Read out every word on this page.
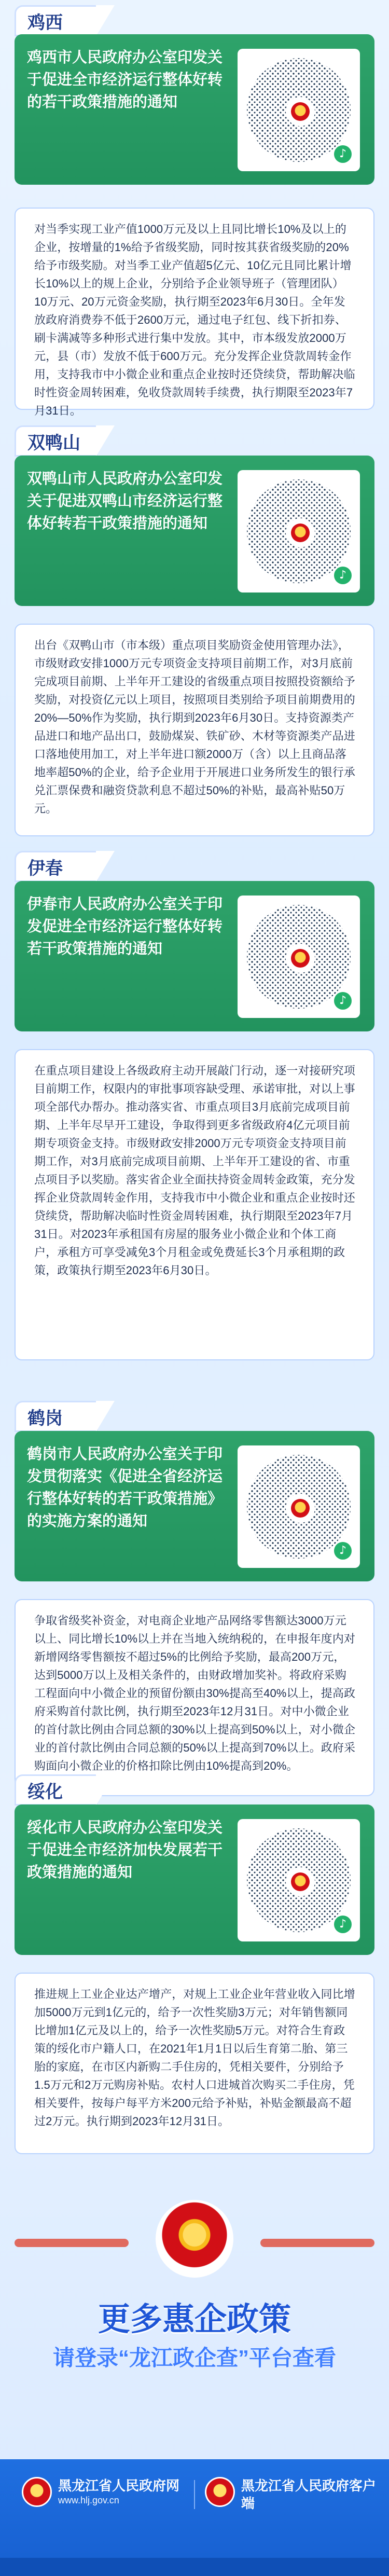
鸡西
鸡西市人民政府办公室印发关于促进全市经济运行整体好转的若干政策措施的通知
♪
对当季实现工业产值1000万元及以上且同比增长10%及以上的企业，按增量的1%给予省级奖励，同时按其获省级奖励的20%给予市级奖励。对当季工业产值超5亿元、10亿元且同比累计增长10%以上的规上企业，分别给予企业领导班子（管理团队）10万元、20万元资金奖励，执行期至2023年6月30日。全年发放政府消费券不低于2600万元，通过电子红包、线下折扣券、刷卡满减等多种形式进行集中发放。其中，市本级发放2000万元，县（市）发放不低于600万元。充分发挥企业贷款周转金作用，支持我市中小微企业和重点企业按时还贷续贷，帮助解决临时性资金周转困难，免收贷款周转手续费，执行期限至2023年7月31日。
双鸭山
双鸭山市人民政府办公室印发关于促进双鸭山市经济运行整体好转若干政策措施的通知
♪
出台《双鸭山市（市本级）重点项目奖励资金使用管理办法》，市级财政安排1000万元专项资金支持项目前期工作，对3月底前完成项目前期、上半年开工建设的省级重点项目按照投资额给予奖励，对投资亿元以上项目，按照项目类别给予项目前期费用的20%—50%作为奖励，执行期到2023年6月30日。支持资源类产品进口和地产品出口，鼓励煤炭、铁矿砂、木材等资源类产品进口落地使用加工，对上半年进口额2000万（含）以上且商品落地率超50%的企业，给予企业用于开展进口业务所发生的银行承兑汇票保费和融资贷款利息不超过50%的补贴，最高补贴50万元。
伊春
伊春市人民政府办公室关于印发促进全市经济运行整体好转若干政策措施的通知
♪
在重点项目建设上各级政府主动开展敲门行动，逐一对接研究项目前期工作，权限内的审批事项容缺受理、承诺审批，对以上事项全部代办帮办。推动落实省、市重点项目3月底前完成项目前期、上半年尽早开工建设，争取得到更多省级政府4亿元项目前期专项资金支持。市级财政安排2000万元专项资金支持项目前期工作，对3月底前完成项目前期、上半年开工建设的省、市重点项目予以奖励。落实省企业全面扶持资金周转金政策，充分发挥企业贷款周转金作用，支持我市中小微企业和重点企业按时还贷续贷，帮助解决临时性资金周转困难，执行期限至2023年7月31日。对2023年承租国有房屋的服务业小微企业和个体工商户，承租方可享受减免3个月租金或免费延长3个月承租期的政策，政策执行期至2023年6月30日。
鹤岗
鹤岗市人民政府办公室关于印发贯彻落实《促进全省经济运行整体好转的若干政策措施》的实施方案的通知
♪
争取省级奖补资金，对电商企业地产品网络零售额达3000万元以上、同比增长10%以上并在当地入统纳税的，在申报年度内对新增网络零售额按不超过5%的比例给予奖励，最高200万元，达到5000万以上及相关条件的，由财政增加奖补。将政府采购工程面向中小微企业的预留份额由30%提高至40%以上，提高政府采购首付款比例，执行期至2023年12月31日。对中小微企业的首付款比例由合同总额的30%以上提高到50%以上，对小微企业的首付款比例由合同总额的50%以上提高到70%以上。政府采购面向小微企业的价格扣除比例由10%提高到20%。
绥化
绥化市人民政府办公室印发关于促进全市经济加快发展若干政策措施的通知
♪
推进规上工业企业达产增产，对规上工业企业年营业收入同比增加5000万元到1亿元的，给予一次性奖励3万元；对年销售额同比增加1亿元及以上的，给予一次性奖励5万元。对符合生育政策的绥化市户籍人口，在2021年1月1日以后生育第二胎、第三胎的家庭，在市区内新购二手住房的，凭相关要件，分别给予1.5万元和2万元购房补贴。农村人口进城首次购买二手住房，凭相关要件，按每户每平方米200元给予补贴，补贴金额最高不超过2万元。执行期到2023年12月31日。
更多惠企政策
请登录“龙江政企查”平台查看
黑龙江省人民政府网
www.hlj.gov.cn
黑龙江省人民政府客户端
